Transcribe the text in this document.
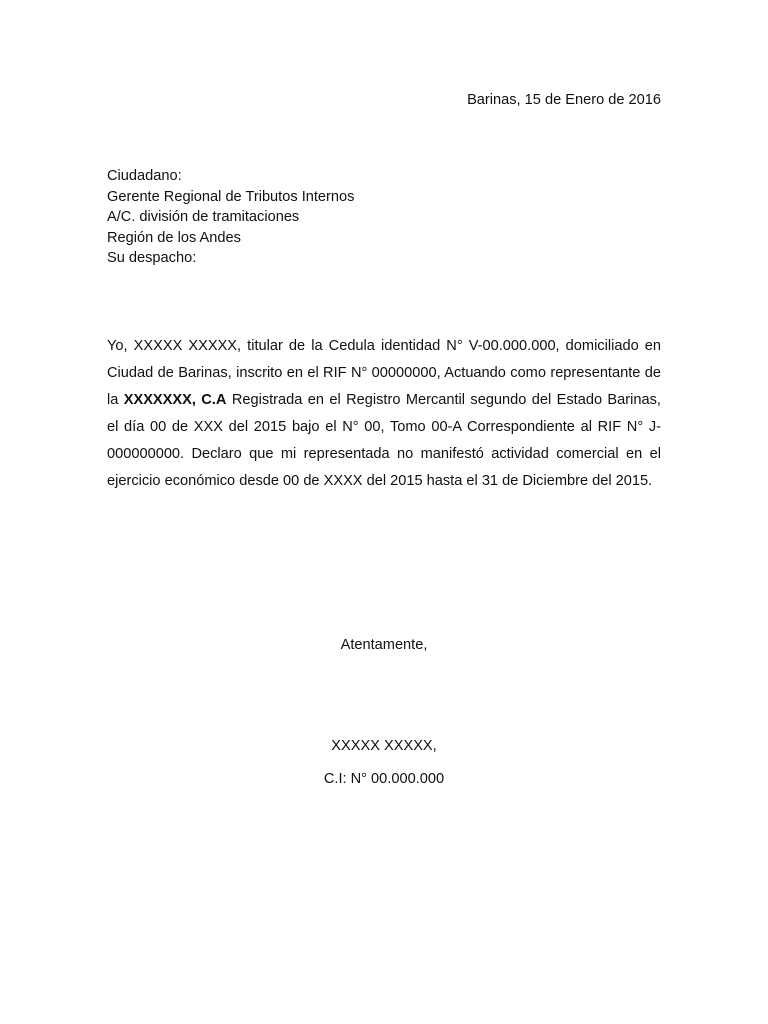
Barinas, 15 de Enero de 2016

Ciudadano:
Gerente Regional de Tributos Internos
A/C. división de tramitaciones
Región de los Andes
Su despacho:

Yo, XXXXX XXXXX, titular de la Cedula identidad N° V-00.000.000, domiciliado en Ciudad de Barinas, inscrito en el RIF N° 00000000, Actuando como representante de la XXXXXXX, C.A Registrada en el Registro Mercantil segundo del Estado Barinas, el día 00 de XXX del 2015 bajo el N° 00, Tomo 00-A Correspondiente al RIF N° J-000000000. Declaro que mi representada no manifestó actividad comercial en el ejercicio económico desde 00 de XXXX del 2015 hasta el 31 de Diciembre del 2015.

Atentamente,

XXXXX XXXXX,

C.I: N° 00.000.000
